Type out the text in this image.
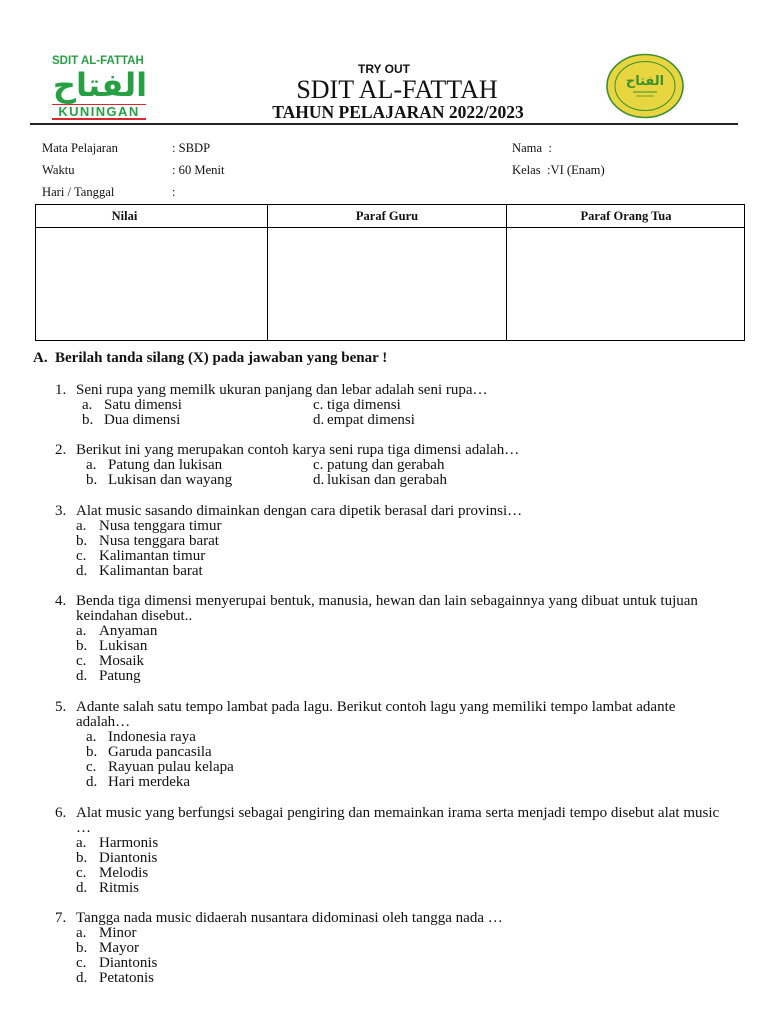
SDIT AL-FATTAH
الفتاح
KUNINGAN
TRY OUT
SDIT AL-FATTAH
TAHUN PELAJARAN 2022/2023
الفتاح
Mata Pelajaran	: SBDP	Nama  :
Waktu	: 60 Menit	Kelas  :VI (Enam)
Hari / Tanggal	:
Nilai	Paraf Guru	Paraf Orang Tua
A. Berilah tanda silang (X) pada jawaban yang benar !
1. Seni rupa yang memilk ukuran panjang dan lebar adalah seni rupa…
a. Satu dimensi	c. tiga dimensi
b. Dua dimensi	d. empat dimensi
2. Berikut ini yang merupakan contoh karya seni rupa tiga dimensi adalah…
a. Patung dan lukisan	c. patung dan gerabah
b. Lukisan dan wayang	d. lukisan dan gerabah
3. Alat music sasando dimainkan dengan cara dipetik berasal dari provinsi…
a. Nusa tenggara timur
b. Nusa tenggara barat
c. Kalimantan timur
d. Kalimantan barat
4. Benda tiga dimensi menyerupai bentuk, manusia, hewan dan lain sebagainnya yang dibuat untuk tujuan
keindahan disebut..
a. Anyaman
b. Lukisan
c. Mosaik
d. Patung
5. Adante salah satu tempo lambat pada lagu. Berikut contoh lagu yang memiliki tempo lambat adante
adalah…
a. Indonesia raya
b. Garuda pancasila
c. Rayuan pulau kelapa
d. Hari merdeka
6. Alat music yang berfungsi sebagai pengiring dan memainkan irama serta menjadi tempo disebut alat music
…
a. Harmonis
b. Diantonis
c. Melodis
d. Ritmis
7. Tangga nada music didaerah nusantara didominasi oleh tangga nada …
a. Minor
b. Mayor
c. Diantonis
d. Petatonis
